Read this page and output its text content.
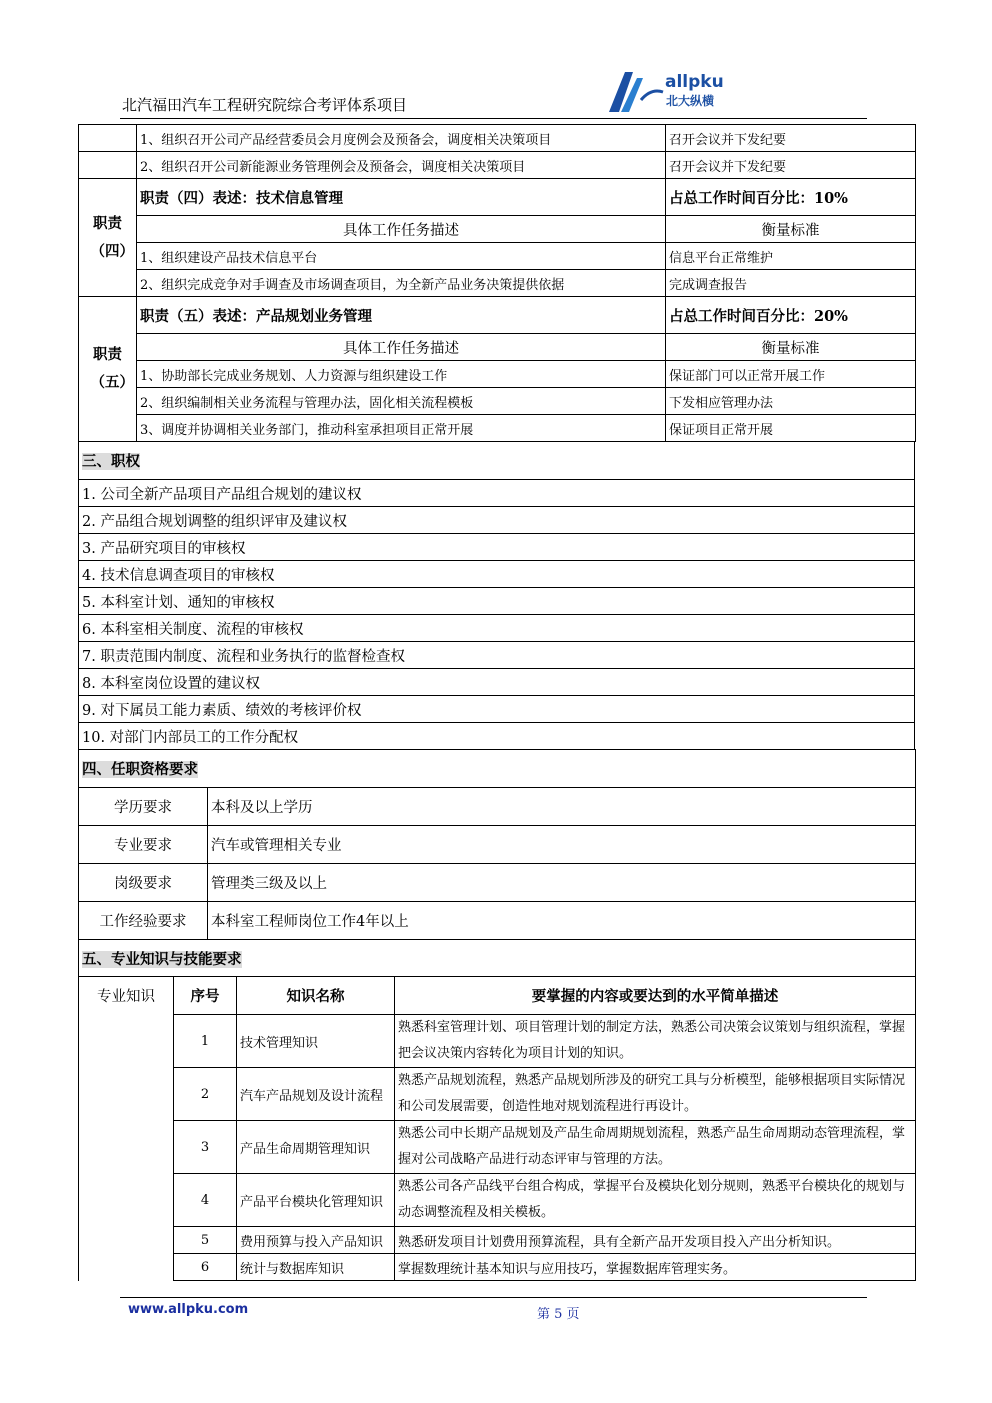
北汽福田汽车工程研究院综合考评体系项目
allpku
北大纵横
	1、组织召开公司产品经营委员会月度例会及预备会，调度相关决策项目	召开会议并下发纪要
	2、组织召开公司新能源业务管理例会及预备会，调度相关决策项目	召开会议并下发纪要
职责（四）	职责（四）表述：技术信息管理	占总工作时间百分比：10%
	具体工作任务描述	衡量标准
	1、组织建设产品技术信息平台	信息平台正常维护
	2、组织完成竞争对手调查及市场调查项目，为全新产品业务决策提供依据	完成调查报告
职责（五）	职责（五）表述：产品规划业务管理	占总工作时间百分比：20%
	具体工作任务描述	衡量标准
	1、协助部长完成业务规划、人力资源与组织建设工作	保证部门可以正常开展工作
	2、组织编制相关业务流程与管理办法，固化相关流程模板	下发相应管理办法
	3、调度并协调相关业务部门，推动科室承担项目正常开展	保证项目正常开展
三、职权
1. 公司全新产品项目产品组合规划的建议权
2. 产品组合规划调整的组织评审及建议权
3. 产品研究项目的审核权
4. 技术信息调查项目的审核权
5. 本科室计划、通知的审核权
6. 本科室相关制度、流程的审核权
7. 职责范围内制度、流程和业务执行的监督检查权
8. 本科室岗位设置的建议权
9. 对下属员工能力素质、绩效的考核评价权
10. 对部门内部员工的工作分配权
四、任职资格要求	
学历要求	本科及以上学历
专业要求	汽车或管理相关专业
岗级要求	管理类三级及以上
工作经验要求	本科室工程师岗位工作4年以上
五、专业知识与技能要求			
专业知识	序号	知识名称	要掌握的内容或要达到的水平简单描述
	1	技术管理知识	熟悉科室管理计划、项目管理计划的制定方法，熟悉公司决策会议策划与组织流程，掌握把会议决策内容转化为项目计划的知识。
	2	汽车产品规划及设计流程	熟悉产品规划流程，熟悉产品规划所涉及的研究工具与分析模型，能够根据项目实际情况和公司发展需要，创造性地对规划流程进行再设计。
	3	产品生命周期管理知识	熟悉公司中长期产品规划及产品生命周期规划流程，熟悉产品生命周期动态管理流程，掌握对公司战略产品进行动态评审与管理的方法。
	4	产品平台模块化管理知识	熟悉公司各产品线平台组合构成，掌握平台及模块化划分规则，熟悉平台模块化的规划与动态调整流程及相关模板。
	5	费用预算与投入产品知识	熟悉研发项目计划费用预算流程，具有全新产品开发项目投入产出分析知识。
	6	统计与数据库知识	掌握数理统计基本知识与应用技巧，掌握数据库管理实务。
www.allpku.com	第 5 页
